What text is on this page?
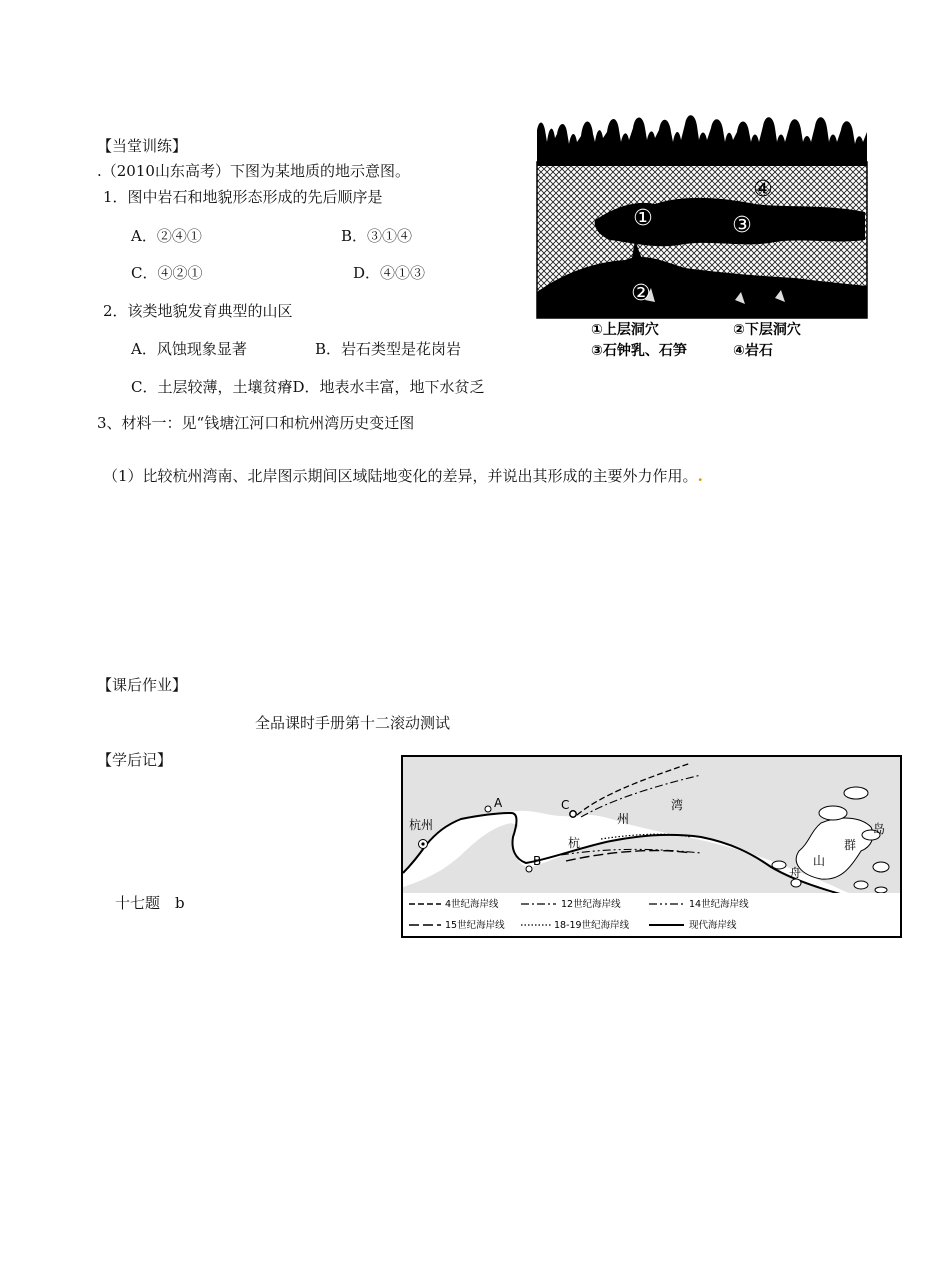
【当堂训练】
.（2010山东高考）下图为某地质的地示意图。
1．图中岩石和地貌形态形成的先后顺序是
A．②④①	B．③①④
C．④②①	D．④①③
2．该类地貌发育典型的山区
A．风蚀现象显著	B．岩石类型是花岗岩
C．土层较薄，土壤贫瘠D．地表水丰富，地下水贫乏
3、材料一：见“钱塘江河口和杭州湾历史变迁图
（1）比较杭州湾南、北岸图示期间区域陆地变化的差异，并说出其形成的主要外力作用。.
【课后作业】
全品课时手册第十二滚动测试
【学后记】
十七题　b
①
②
③
④
①上层洞穴	②下层洞穴
③石钟乳、石笋	④岩石
杭州
A	C
B
杭
州
湾
舟
山
群
岛
4世纪海岸线	12世纪海岸线	14世纪海岸线
15世纪海岸线	18-19世纪海岸线	现代海岸线
